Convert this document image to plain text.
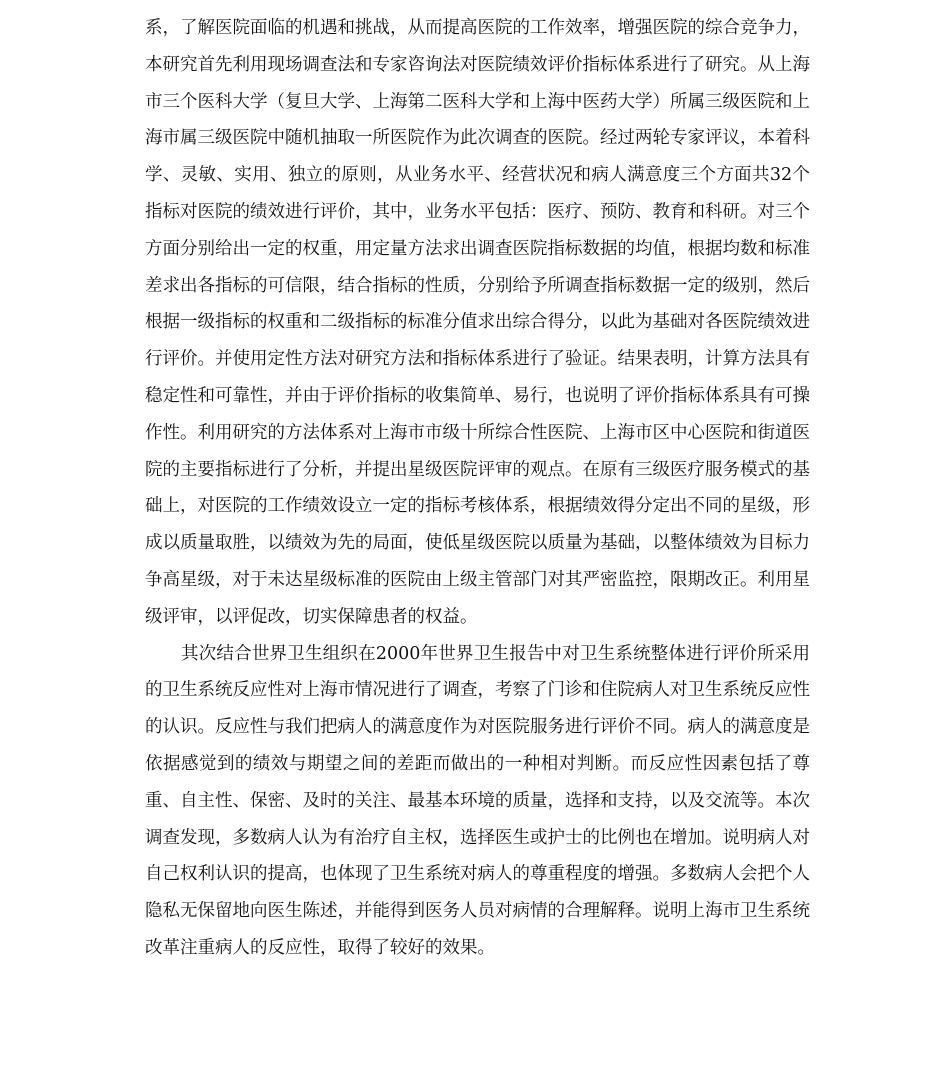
系，了解医院面临的机遇和挑战，从而提高医院的工作效率，增强医院的综合竞争力，本研究首先利用现场调查法和专家咨询法对医院绩效评价指标体系进行了研究。从上海市三个医科大学（复旦大学、上海第二医科大学和上海中医药大学）所属三级医院和上海市属三级医院中随机抽取一所医院作为此次调查的医院。经过两轮专家评议，本着科学、灵敏、实用、独立的原则，从业务水平、经营状况和病人满意度三个方面共32个指标对医院的绩效进行评价，其中，业务水平包括：医疗、预防、教育和科研。对三个方面分别给出一定的权重，用定量方法求出调查医院指标数据的均值，根据均数和标准差求出各指标的可信限，结合指标的性质，分别给予所调查指标数据一定的级别，然后根据一级指标的权重和二级指标的标准分值求出综合得分，以此为基础对各医院绩效进行评价。并使用定性方法对研究方法和指标体系进行了验证。结果表明，计算方法具有稳定性和可靠性，并由于评价指标的收集简单、易行，也说明了评价指标体系具有可操作性。利用研究的方法体系对上海市市级十所综合性医院、上海市区中心医院和街道医院的主要指标进行了分析，并提出星级医院评审的观点。在原有三级医疗服务模式的基础上，对医院的工作绩效设立一定的指标考核体系，根据绩效得分定出不同的星级，形成以质量取胜，以绩效为先的局面，使低星级医院以质量为基础，以整体绩效为目标力争高星级，对于未达星级标准的医院由上级主管部门对其严密监控，限期改正。利用星级评审，以评促改，切实保障患者的权益。

其次结合世界卫生组织在2000年世界卫生报告中对卫生系统整体进行评价所采用的卫生系统反应性对上海市情况进行了调查，考察了门诊和住院病人对卫生系统反应性的认识。反应性与我们把病人的满意度作为对医院服务进行评价不同。病人的满意度是依据感觉到的绩效与期望之间的差距而做出的一种相对判断。而反应性因素包括了尊重、自主性、保密、及时的关注、最基本环境的质量，选择和支持，以及交流等。本次调查发现，多数病人认为有治疗自主权，选择医生或护士的比例也在增加。说明病人对自己权利认识的提高，也体现了卫生系统对病人的尊重程度的增强。多数病人会把个人隐私无保留地向医生陈述，并能得到医务人员对病情的合理解释。说明上海市卫生系统改革注重病人的反应性，取得了较好的效果。
